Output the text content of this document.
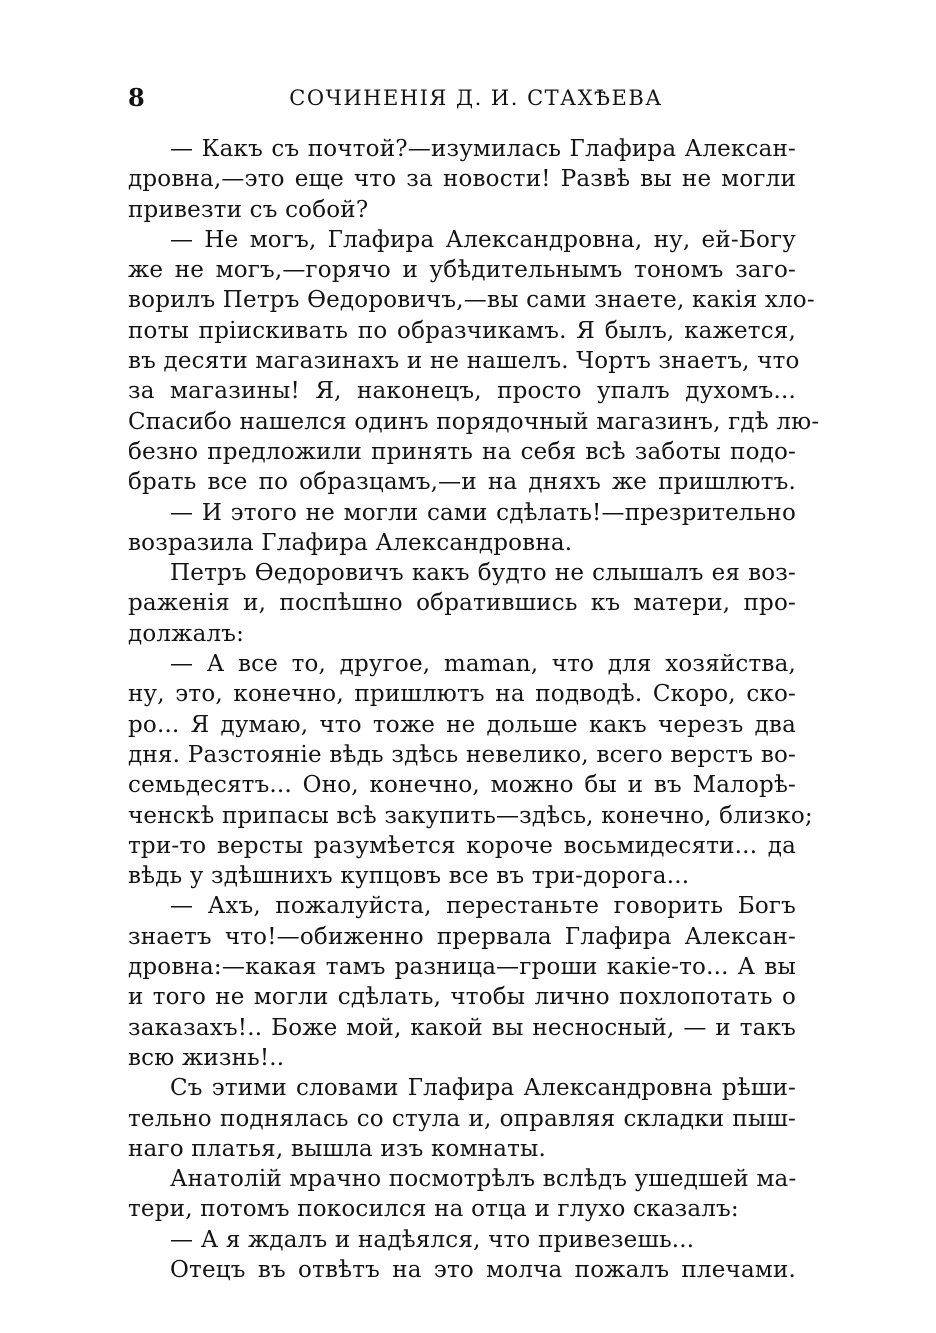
8	СОЧИНЕНІЯ Д. И. СТАХѢЕВА

— Какъ съ почтой?—изумилась Глафира Алексан-
дровна,—это еще что за новости! Развѣ вы не могли
привезти съ собой?

— Не могъ, Глафира Александровна, ну, ей-Богу
же не могъ,—горячо и убѣдительнымъ тономъ заго-
ворилъ Петръ Ѳедоровичъ,—вы сами знаете, какія хло-
поты пріискивать по образчикамъ. Я былъ, кажется,
въ десяти магазинахъ и не нашелъ. Чортъ знаетъ, что
за магазины! Я, наконецъ, просто упалъ духомъ...
Спасибо нашелся одинъ порядочный магазинъ, гдѣ лю-
безно предложили принять на себя всѣ заботы подо-
брать все по образцамъ,—и на дняхъ же пришлютъ.

— И этого не могли сами сдѣлать!—презрительно
возразила Глафира Александровна.

Петръ Ѳедоровичъ какъ будто не слышалъ ея воз-
раженія и, поспѣшно обратившись къ матери, про-
должалъ:

— А все то, другое, maman, что для хозяйства,
ну, это, конечно, пришлютъ на подводѣ. Скоро, ско-
ро... Я думаю, что тоже не дольше какъ черезъ два
дня. Разстояніе вѣдь здѣсь невелико, всего верстъ во-
семьдесятъ... Оно, конечно, можно бы и въ Малорѣ-
ченскѣ припасы всѣ закупить—здѣсь, конечно, близко;
три-то версты разумѣется короче восьмидесяти... да
вѣдь у здѣшнихъ купцовъ все въ три-дорога...

— Ахъ, пожалуйста, перестаньте говорить Богъ
знаетъ что!—обиженно прервала Глафира Алексан-
дровна:—какая тамъ разница—гроши какіе-то... А вы
и того не могли сдѣлать, чтобы лично похлопотать о
заказахъ!.. Боже мой, какой вы несносный, — и такъ
всю жизнь!..

Съ этими словами Глафира Александровна рѣши-
тельно поднялась со стула и, оправляя складки пыш-
наго платья, вышла изъ комнаты.

Анатолій мрачно посмотрѣлъ вслѣдъ ушедшей ма-
тери, потомъ покосился на отца и глухо сказалъ:

— А я ждалъ и надѣялся, что привезешь...

Отецъ въ отвѣтъ на это молча пожалъ плечами.
